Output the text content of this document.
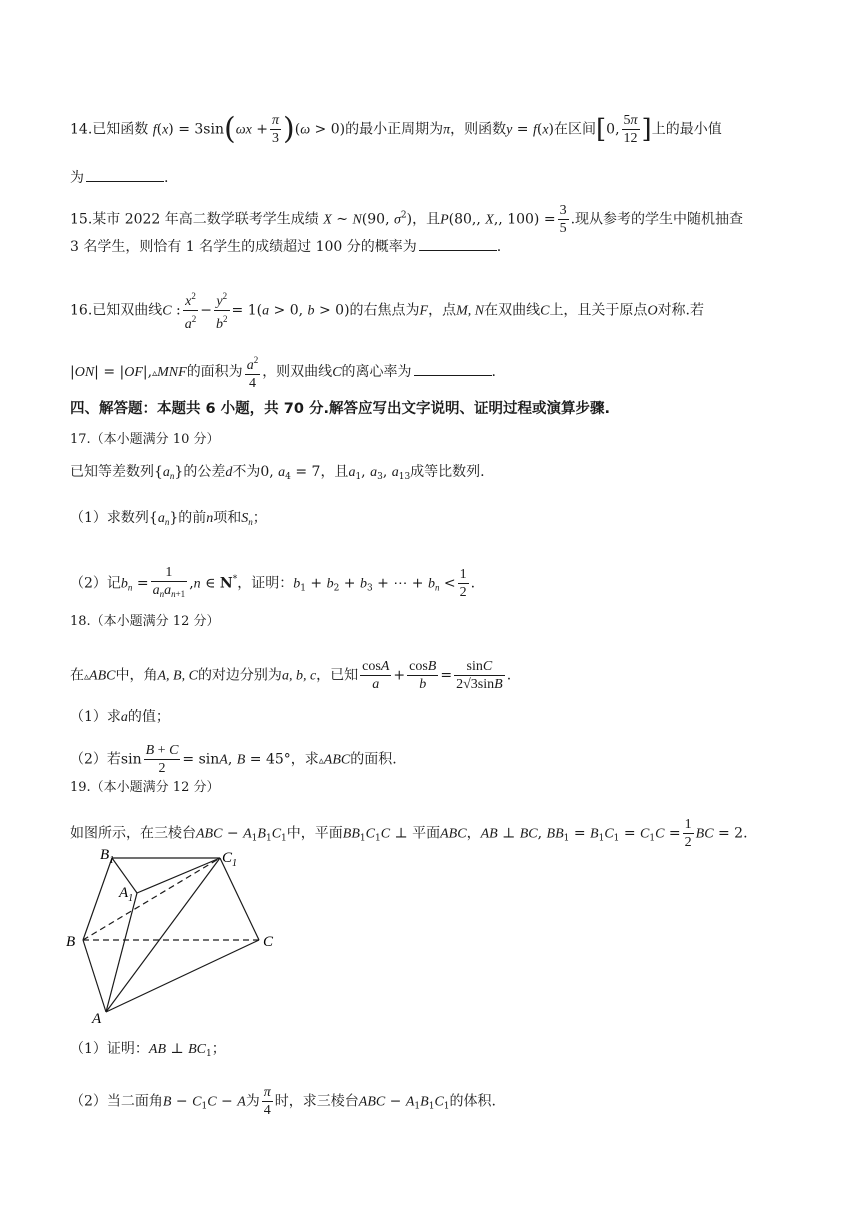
14.已知函数 $f(x) = 3\sin(\omega x + \frac{\pi}{3} )(\omega > 0)$的最小正周期为π，则函数y = f(x)在区间[0, $\frac{5\pi}{12}$ ]上的最小值
为	.
15.某市 2022 年高二数学联考学生成绩 X ~ N(90, $\sigma^2$)，且P(80,, X,, $100) = \frac{3}{5}$ .现从参考的学生中随机抽查
3 名学生，则恰有 1 名学生的成绩超过 100 分的概率为	.
16.已知双曲线C : $\frac{x^2}{a^2} - \frac{y^2}{b^2} = 1(a > 0$, b > 0)的右焦点为F，点M, N在双曲线C上，且关于原点O对称.若
|ON| = |OF|,▵MNF的面积为 $\frac{a^2}{4}$ ，则双曲线C的离心率为	.
四、解答题：本题共 6 小题，共 70 分.解答应写出文字说明、证明过程或演算步骤.
17.（本小题满分 10 分）
已知等差数列$\{a_n\}$的公差d不为0, $a_4 = 7$，且$a_1$, $a_3$, $a_{13}$成等比数列.
（1）求数列$\{a_n\}$的前n项和$S_n$；
（2）记$b_n = \frac{1}{a_na_{n+1}} ,n$ ∈ N*，证明：$b_1 + b_2 + b_3$ + ⋯ + $b_n < \frac{1}{2}$ .
18.（本小题满分 12 分）
在▵ABC中，角A, B, C的对边分别为a, b, c，已知 $\frac{\cos A}{a} + \frac{\cos B}{b} = \frac{\sin C}{2√3\sin B}$ .
（1）求a的值；
（2）若$\sin \frac{B + C}{2} = \sin A$, B = 45°，求▵ABC的面积.
19.（本小题满分 12 分）
如图所示，在三棱台ABC − $A_1B_1C_1$中，平面$BB_1C_1C$ ⊥ 平面ABC，AB ⊥ BC, $BB_1 = B_1C_1 = C_1C = \frac{1}{2}$ BC = 2.
$B_1$	$C_1$
$A_1$
B	C
A
（1）证明：AB ⊥ $BC_1$；
（2）当二面角$B - C_1C - A$为 $\frac{\pi}{4}$ 时，求三棱台ABC − $A_1B_1C_1$的体积.
